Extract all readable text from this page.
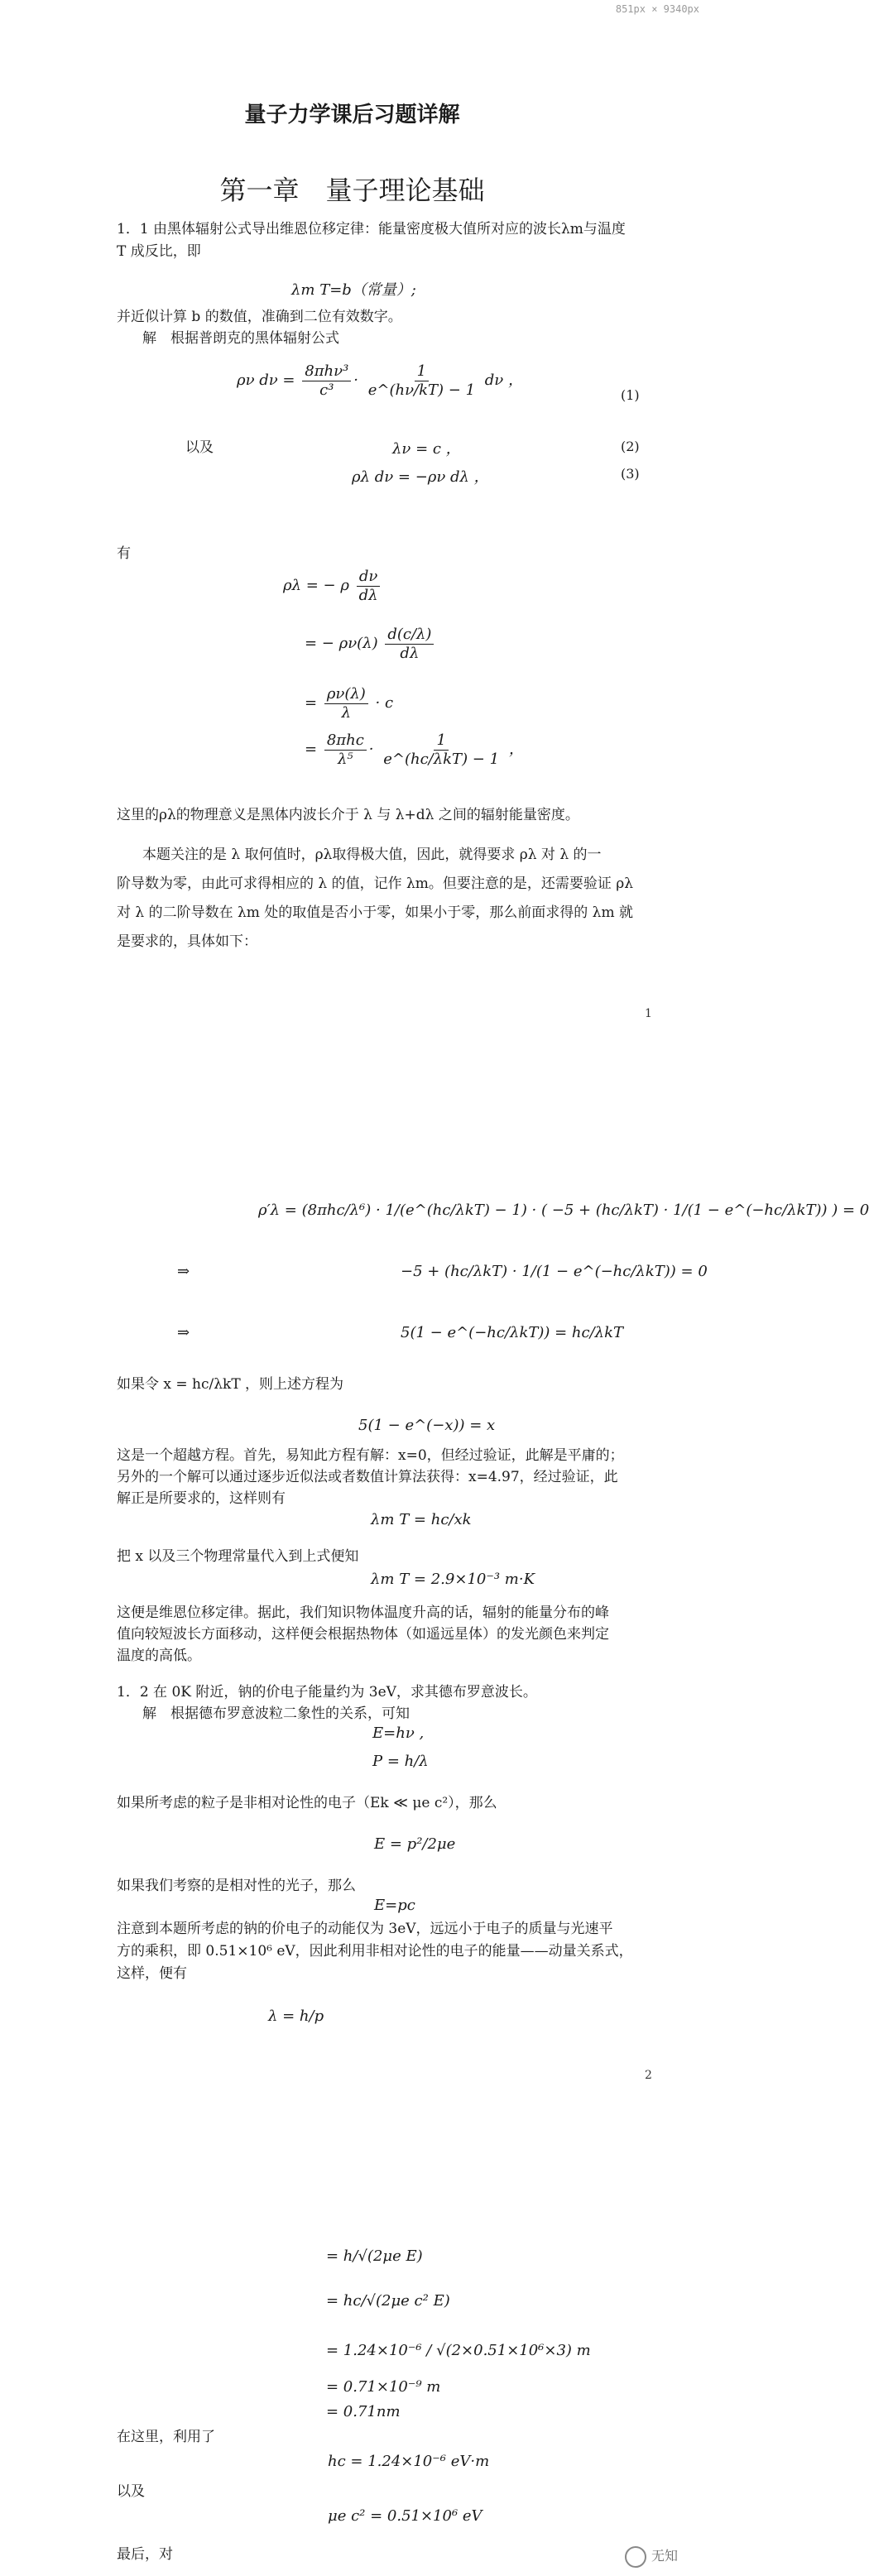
851px × 9340px
量子力学课后习题详解
第一章　量子理论基础
1．1 由黑体辐射公式导出维恩位移定律：能量密度极大值所对应的波长λm与温度
T 成反比，即
λm T=b（常量）;
并近似计算 b 的数值，准确到二位有效数字。
解　根据普朗克的黑体辐射公式
ρν $d\nu = \frac{\text{8πhν³}}{\text{c³}} \cdot \frac{1}{e\^{}(h\nu/kT) - 1}$ dν ，
(1)
以及	λν = c ，	(2)
ρλ dν = −ρν dλ ，	(3)
有
ρλ = − ρ $\frac{d\nu}{d\lambda}$
= − $\rho\nu(\lambda) \frac{d(c/\lambda)}{d\lambda}$
= $\frac{\rho\nu(\lambda)}{\lambda} \cdot c$
= $\frac{\text{8πhc}}{\text{λ⁵}} \cdot \frac{1}{\text{e\textasciicircum{}(hc/λkT) − 1}}$ ，
这里的ρλ的物理意义是黑体内波长介于 λ 与 λ+dλ 之间的辐射能量密度。
本题关注的是 λ 取何值时，ρλ取得极大值，因此，就得要求 ρλ 对 λ 的一
阶导数为零，由此可求得相应的 λ 的值，记作 λm。但要注意的是，还需要验证 ρλ
对 λ 的二阶导数在 λm 处的取值是否小于零，如果小于零，那么前面求得的 λm 就
是要求的，具体如下：
1
ρ′λ = (8πhc/λ⁶) · 1/(e^(hc/λkT) − 1) · ( −5 + (hc/λkT) · 1/(1 − e^(−hc/λkT)) ) = 0
⇒	−5 + (hc/λkT) · 1/(1 − e^(−hc/λkT)) = 0
⇒	5(1 − e^(−hc/λkT)) = hc/λkT
如果令 x = hc/λkT ，则上述方程为
5(1 − e^(−x)) = x
这是一个超越方程。首先，易知此方程有解：x=0，但经过验证，此解是平庸的；
另外的一个解可以通过逐步近似法或者数值计算法获得：x=4.97，经过验证，此
解正是所要求的，这样则有
λm T = hc/xk
把 x 以及三个物理常量代入到上式便知
λm T = 2.9×10⁻³ m·K
这便是维恩位移定律。据此，我们知识物体温度升高的话，辐射的能量分布的峰
值向较短波长方面移动，这样便会根据热物体（如遥远星体）的发光颜色来判定
温度的高低。
1．2 在 0K 附近，钠的价电子能量约为 3eV，求其德布罗意波长。
解　根据德布罗意波粒二象性的关系，可知
E=hν ,
P = h/λ
如果所考虑的粒子是非相对论性的电子（Ek ≪ μe c²），那么
E = p²/2μe
如果我们考察的是相对性的光子，那么
E=pc
注意到本题所考虑的钠的价电子的动能仅为 3eV，远远小于电子的质量与光速平
方的乘积，即 0.51×10⁶ eV，因此利用非相对论性的电子的能量——动量关系式，
这样，便有
λ = h/p
2
= h/√(2μe E)
= hc/√(2μe c² E)
= 1.24×10⁻⁶ / √(2×0.51×10⁶×3) m
= 0.71×10⁻⁹ m
= 0.71nm
在这里，利用了
hc = 1.24×10⁻⁶ eV·m
以及
μe c² = 0.51×10⁶ eV
最后，对	无知
